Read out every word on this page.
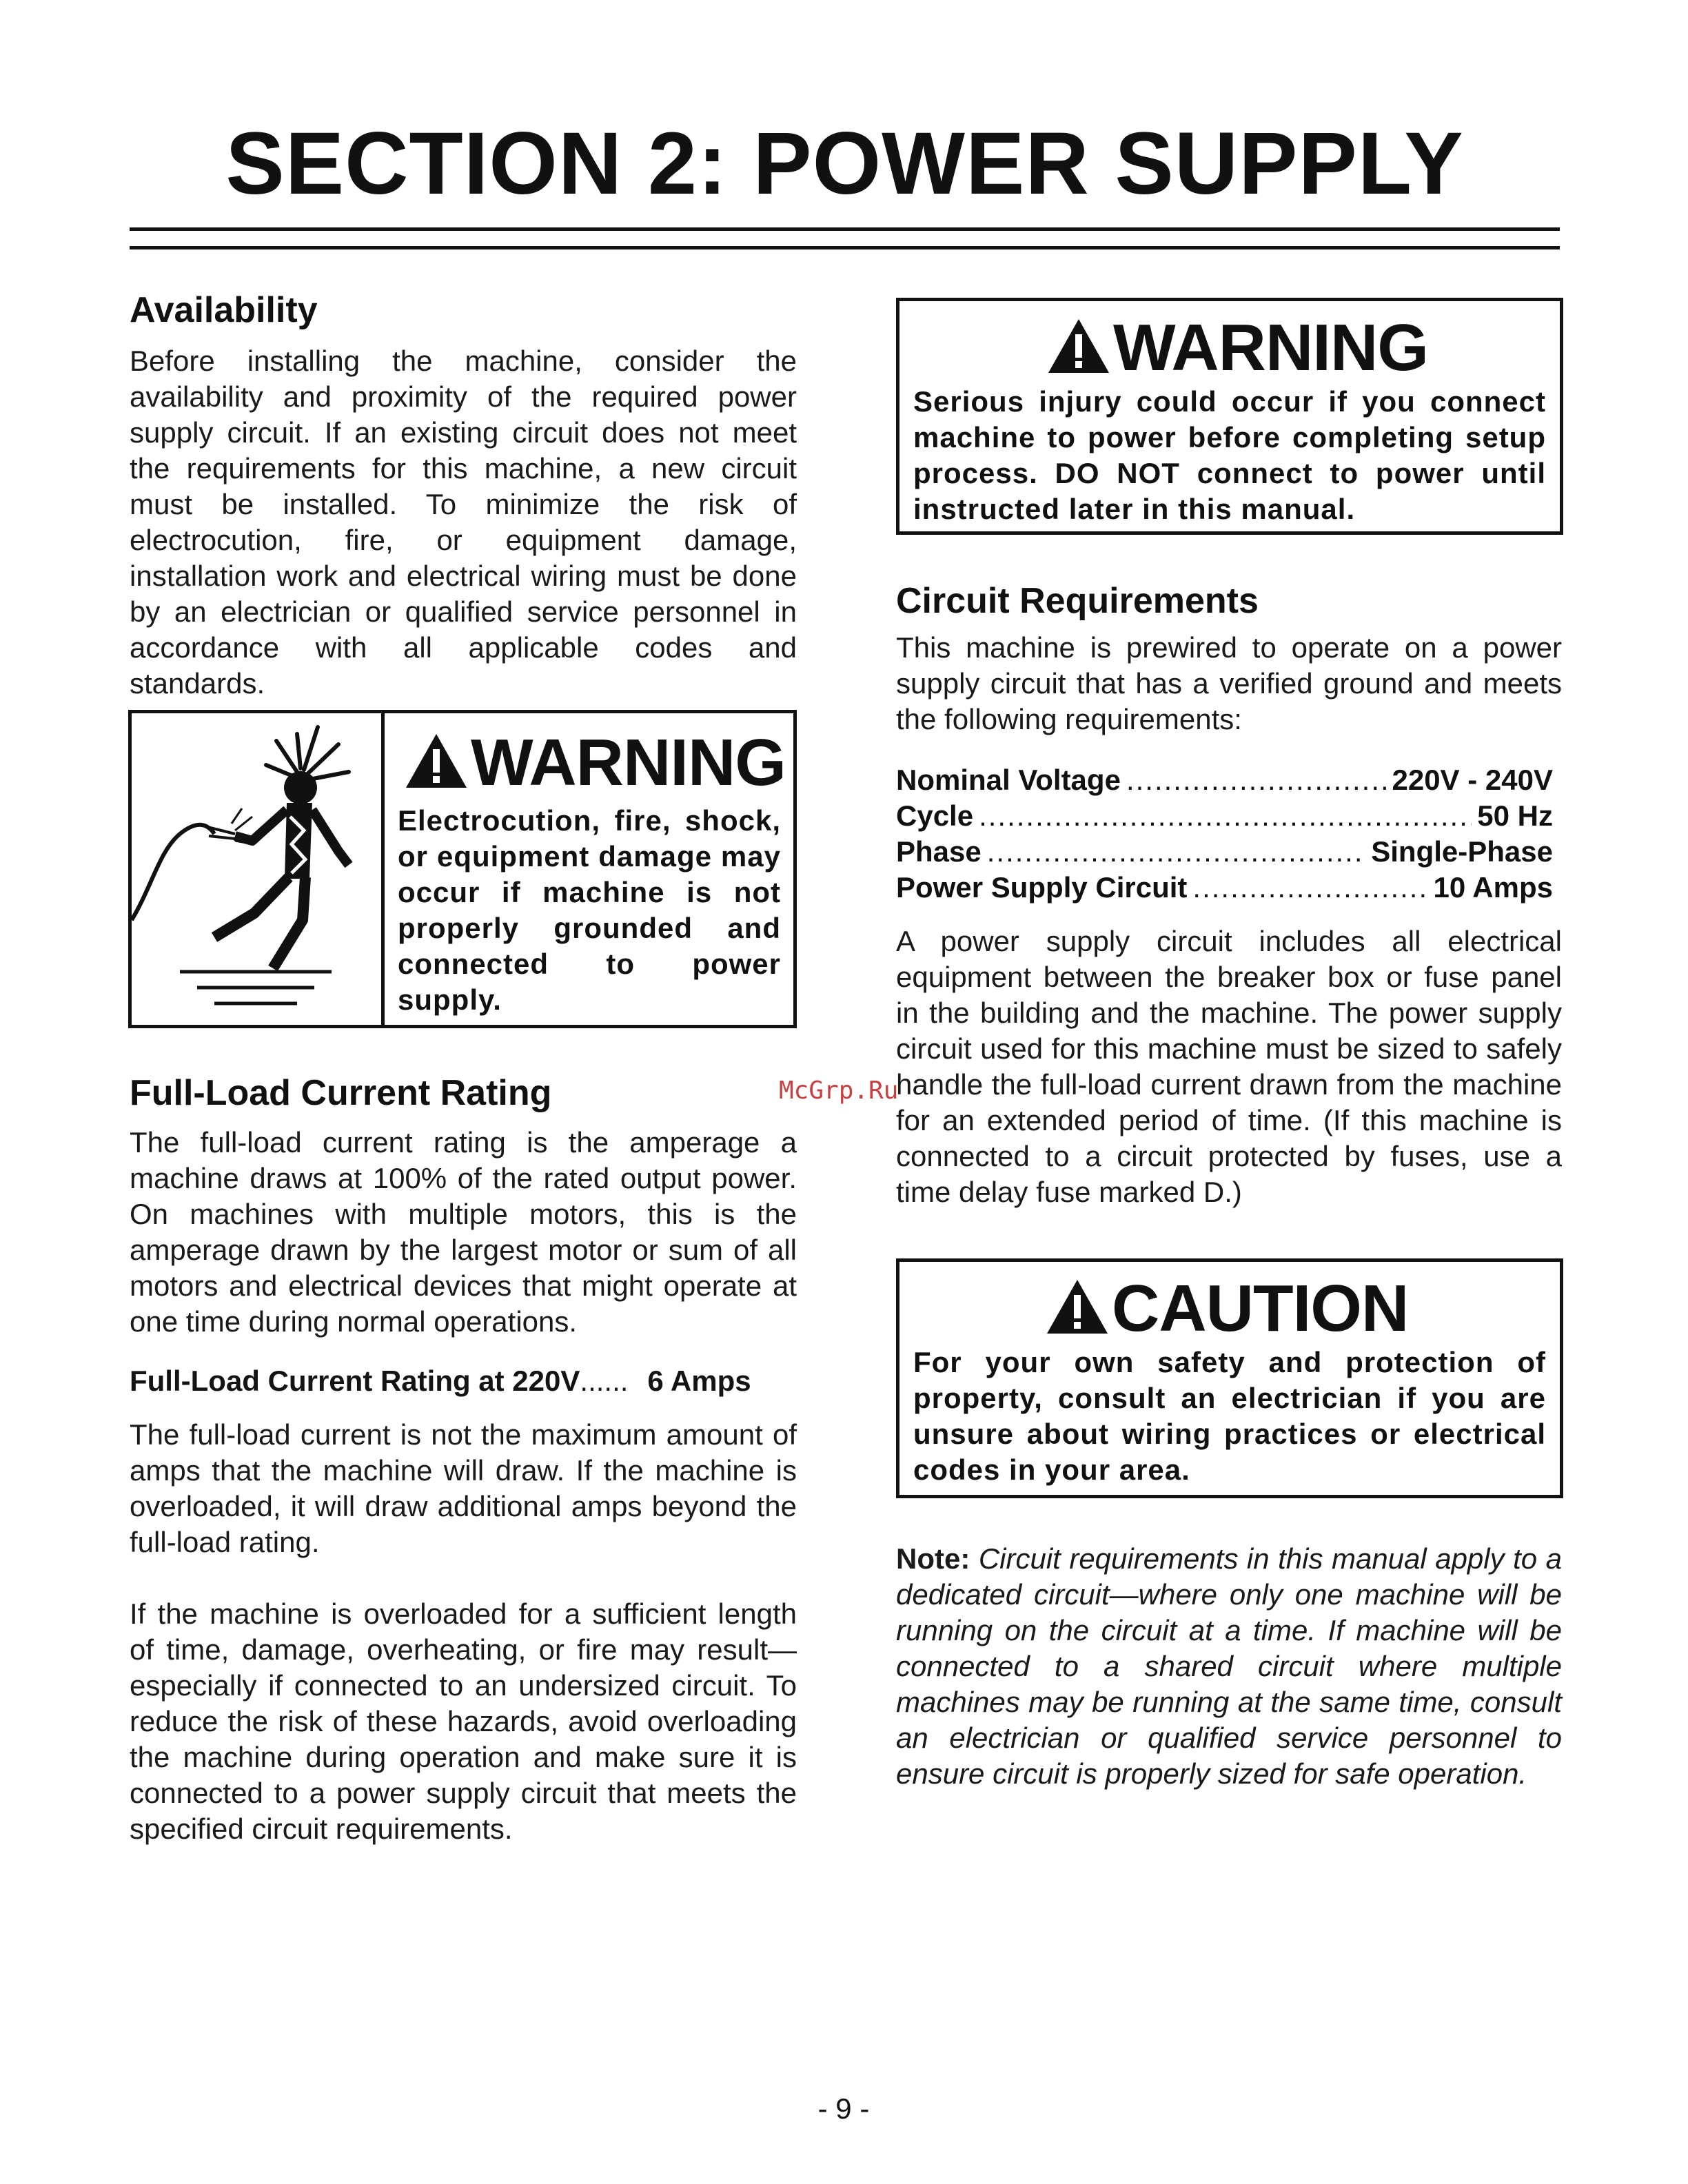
SECTION 2: POWER SUPPLY
Availability

Before installing the machine, consider the availability and proximity of the required power supply circuit. If an existing circuit does not meet the requirements for this machine, a new circuit must be installed. To minimize the risk of electrocution, fire, or equipment damage, installation work and electrical wiring must be done by an electrician or qualified service personnel in accordance with all applicable codes and standards.

WARNING
Electrocution, fire, shock, or equipment damage may occur if machine is not properly grounded and connected to power supply.
Full-Load Current Rating

The full-load current rating is the amperage a machine draws at 100% of the rated output power. On machines with multiple motors, this is the amperage drawn by the largest motor or sum of all motors and electrical devices that might operate at one time during normal operations.

Full-Load Current Rating at 220V...... 6 Amps

The full-load current is not the maximum amount of amps that the machine will draw. If the machine is overloaded, it will draw additional amps beyond the full-load rating.

If the machine is overloaded for a sufficient length of time, damage, overheating, or fire may result—especially if connected to an undersized circuit. To reduce the risk of these hazards, avoid overloading the machine during operation and make sure it is connected to a power supply circuit that meets the specified circuit requirements.

WARNING
Serious injury could occur if you connect machine to power before completing setup process. DO NOT connect to power until instructed later in this manual.
Circuit Requirements

This machine is prewired to operate on a power supply circuit that has a verified ground and meets the following requirements:

Nominal Voltage .....	220V - 240V
Cycle .....	50 Hz
Phase .....	Single-Phase
Power Supply Circuit .....	10 Amps

A power supply circuit includes all electrical equipment between the breaker box or fuse panel in the building and the machine. The power supply circuit used for this machine must be sized to safely handle the full-load current drawn from the machine for an extended period of time. (If this machine is connected to a circuit protected by fuses, use a time delay fuse marked D.)

CAUTION
For your own safety and protection of property, consult an electrician if you are unsure about wiring practices or electrical codes in your area.

Note: Circuit requirements in this manual apply to a dedicated circuit—where only one machine will be running on the circuit at a time. If machine will be connected to a shared circuit where multiple machines may be running at the same time, consult an electrician or qualified service personnel to ensure circuit is properly sized for safe operation.

McGrp.Ru
- 9 -
